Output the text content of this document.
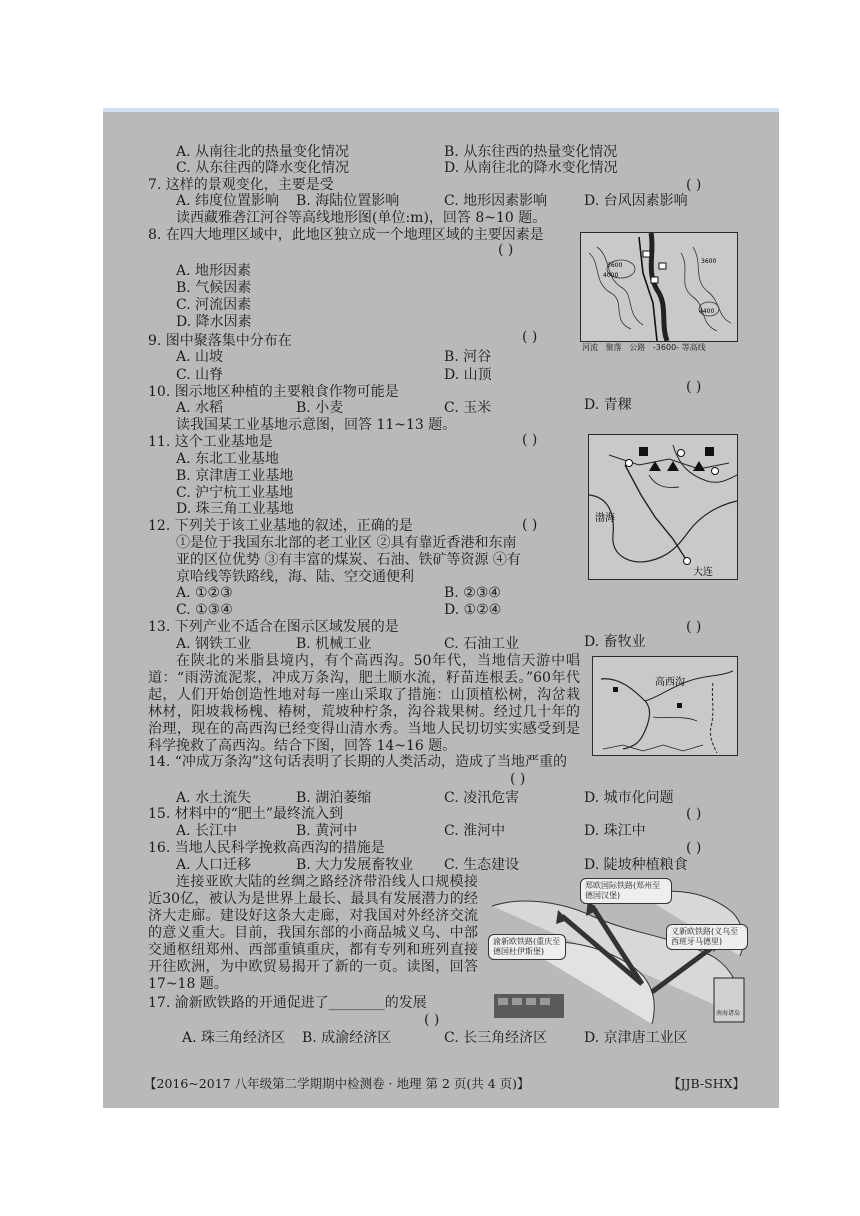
A. 从南往北的热量变化情况	B. 从东往西的热量变化情况
C. 从东往西的降水变化情况	D. 从南往北的降水变化情况
7. 这样的景观变化，主要是受	( )
A. 纬度位置影响 B. 海陆位置影响	C. 地形因素影响	D. 台风因素影响
读西藏雅砻江河谷等高线地形图(单位:m)，回答 8~10 题。
8. 在四大地理区域中，此地区独立成一个地理区域的主要因素是
( )
A. 地形因素
B. 气候因素
C. 河流因素
D. 降水因素
3600
4000
3600
4400
河流 聚落 公路 -3600- 等高线
9. 图中聚落集中分布在	( )
A. 山坡	B. 河谷
C. 山脊	D. 山顶
10. 图示地区种植的主要粮食作物可能是	( )
A. 水稻	B. 小麦	C. 玉米	D. 青稞
读我国某工业基地示意图，回答 11~13 题。
11. 这个工业基地是	( )
A. 东北工业基地
B. 京津唐工业基地
C. 沪宁杭工业基地
D. 珠三角工业基地
渤海
大连
12. 下列关于该工业基地的叙述，正确的是	( )
①是位于我国东北部的老工业区 ②具有靠近香港和东南
亚的区位优势 ③有丰富的煤炭、石油、铁矿等资源 ④有
京哈线等铁路线，海、陆、空交通便利
A. ①②③	B. ②③④
C. ①③④	D. ①②④
13. 下列产业不适合在图示区域发展的是	( )
A. 钢铁工业	B. 机械工业	C. 石油工业	D. 畜牧业
在陕北的米脂县境内，有个高西沟。50年代，当地信天游中唱道：“雨涝流泥浆，冲成万条沟，肥土顺水流，籽苗连根丢。”60年代起，人们开始创造性地对每一座山采取了措施：山顶植松树，沟岔栽林材，阳坡栽杨槐、椿树，荒坡种柠条，沟谷栽果树。经过几十年的治理，现在的高西沟已经变得山清水秀。当地人民切切实实感受到是科学挽救了高西沟。结合下图，回答 14~16 题。
高西沟
14. “冲成万条沟”这句话表明了长期的人类活动，造成了当地严重的
( )
A. 水土流失	B. 湖泊萎缩	C. 凌汛危害	D. 城市化问题
15. 材料中的“肥土”最终流入到	( )
A. 长江中	B. 黄河中	C. 淮河中	D. 珠江中
16. 当地人民科学挽救高西沟的措施是	( )
A. 人口迁移	B. 大力发展畜牧业 C. 生态建设	D. 陡坡种植粮食
连接亚欧大陆的丝绸之路经济带沿线人口规模接近30亿，被认为是世界上最长、最具有发展潜力的经济大走廊。建设好这条大走廊，对我国对外经济交流的意义重大。目前，我国东部的小商品城义乌、中部交通枢纽郑州、西部重镇重庆，都有专列和班列直接开往欧洲，为中欧贸易揭开了新的一页。读图，回答 17~18 题。
郑欧国际铁路(郑州至德国汉堡)
渝新欧铁路(重庆至德国杜伊斯堡)
义新欧铁路(义乌至西班牙马德里)
南海诸岛
17. 渝新欧铁路的开通促进了________的发展
( )
A. 珠三角经济区 B. 成渝经济区	C. 长三角经济区	D. 京津唐工业区
【2016~2017 八年级第二学期期中检测卷 · 地理 第 2 页(共 4 页)】	【JJB-SHX】
